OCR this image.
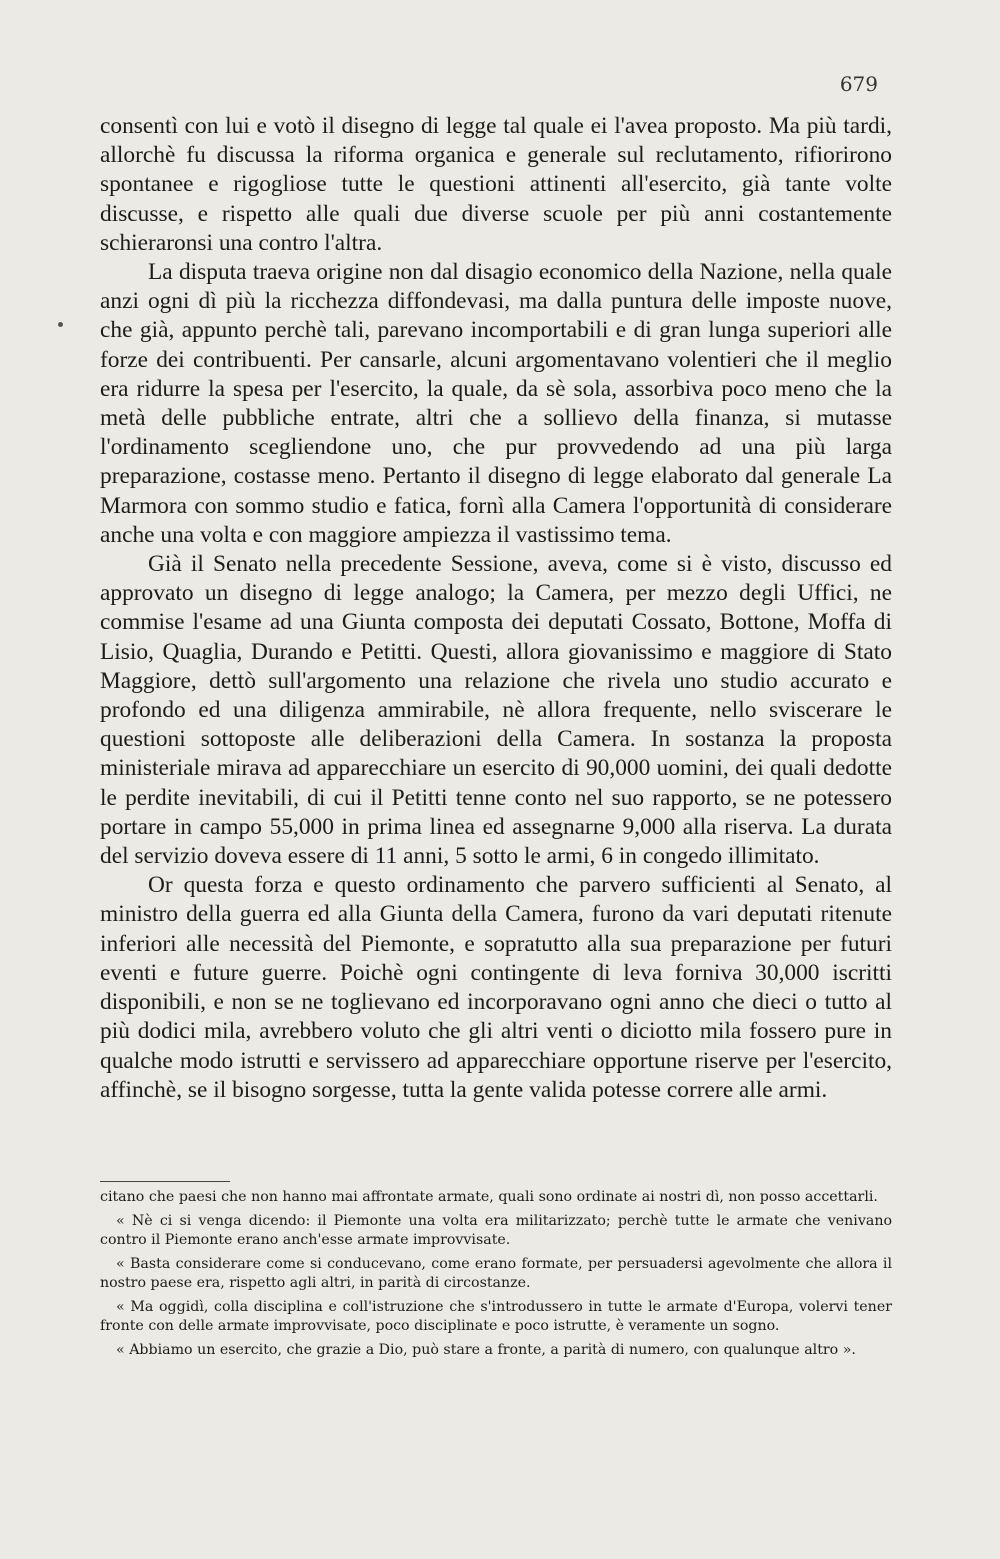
679

consentì con lui e votò il disegno di legge tal quale ei l'avea proposto. Ma più tardi, allorchè fu discussa la riforma organica e generale sul reclutamento, rifiorirono spontanee e rigogliose tutte le questioni attinenti all'esercito, già tante volte discusse, e rispetto alle quali due diverse scuole per più anni costantemente schieraronsi una contro l'altra.

La disputa traeva origine non dal disagio economico della Nazione, nella quale anzi ogni dì più la ricchezza diffondevasi, ma dalla puntura delle imposte nuove, che già, appunto perchè tali, parevano incomportabili e di gran lunga superiori alle forze dei contribuenti. Per cansarle, alcuni argomentavano volentieri che il meglio era ridurre la spesa per l'esercito, la quale, da sè sola, assorbiva poco meno che la metà delle pubbliche entrate, altri che a sollievo della finanza, si mutasse l'ordinamento scegliendone uno, che pur provvedendo ad una più larga preparazione, costasse meno. Pertanto il disegno di legge elaborato dal generale La Marmora con sommo studio e fatica, fornì alla Camera l'opportunità di considerare anche una volta e con maggiore ampiezza il vastissimo tema.

Già il Senato nella precedente Sessione, aveva, come si è visto, discusso ed approvato un disegno di legge analogo; la Camera, per mezzo degli Uffici, ne commise l'esame ad una Giunta composta dei deputati Cossato, Bottone, Moffa di Lisio, Quaglia, Durando e Petitti. Questi, allora giovanissimo e maggiore di Stato Maggiore, dettò sull'argomento una relazione che rivela uno studio accurato e profondo ed una diligenza ammirabile, nè allora frequente, nello sviscerare le questioni sottoposte alle deliberazioni della Camera. In sostanza la proposta ministeriale mirava ad apparecchiare un esercito di 90,000 uomini, dei quali dedotte le perdite inevitabili, di cui il Petitti tenne conto nel suo rapporto, se ne potessero portare in campo 55,000 in prima linea ed assegnarne 9,000 alla riserva. La durata del servizio doveva essere di 11 anni, 5 sotto le armi, 6 in congedo illimitato.

Or questa forza e questo ordinamento che parvero sufficienti al Senato, al ministro della guerra ed alla Giunta della Camera, furono da vari deputati ritenute inferiori alle necessità del Piemonte, e sopratutto alla sua preparazione per futuri eventi e future guerre. Poichè ogni contingente di leva forniva 30,000 iscritti disponibili, e non se ne toglievano ed incorporavano ogni anno che dieci o tutto al più dodici mila, avrebbero voluto che gli altri venti o diciotto mila fossero pure in qualche modo istrutti e servissero ad apparecchiare opportune riserve per l'esercito, affinchè, se il bisogno sorgesse, tutta la gente valida potesse correre alle armi.

citano che paesi che non hanno mai affrontate armate, quali sono ordinate ai nostri dì, non posso accettarli.

« Nè ci si venga dicendo: il Piemonte una volta era militarizzato; perchè tutte le armate che venivano contro il Piemonte erano anch'esse armate improvvisate.

« Basta considerare come si conducevano, come erano formate, per persuadersi agevolmente che allora il nostro paese era, rispetto agli altri, in parità di circostanze.

« Ma oggidì, colla disciplina e coll'istruzione che s'introdussero in tutte le armate d'Europa, volervi tener fronte con delle armate improvvisate, poco disciplinate e poco istrutte, è veramente un sogno.

« Abbiamo un esercito, che grazie a Dio, può stare a fronte, a parità di numero, con qualunque altro ».
